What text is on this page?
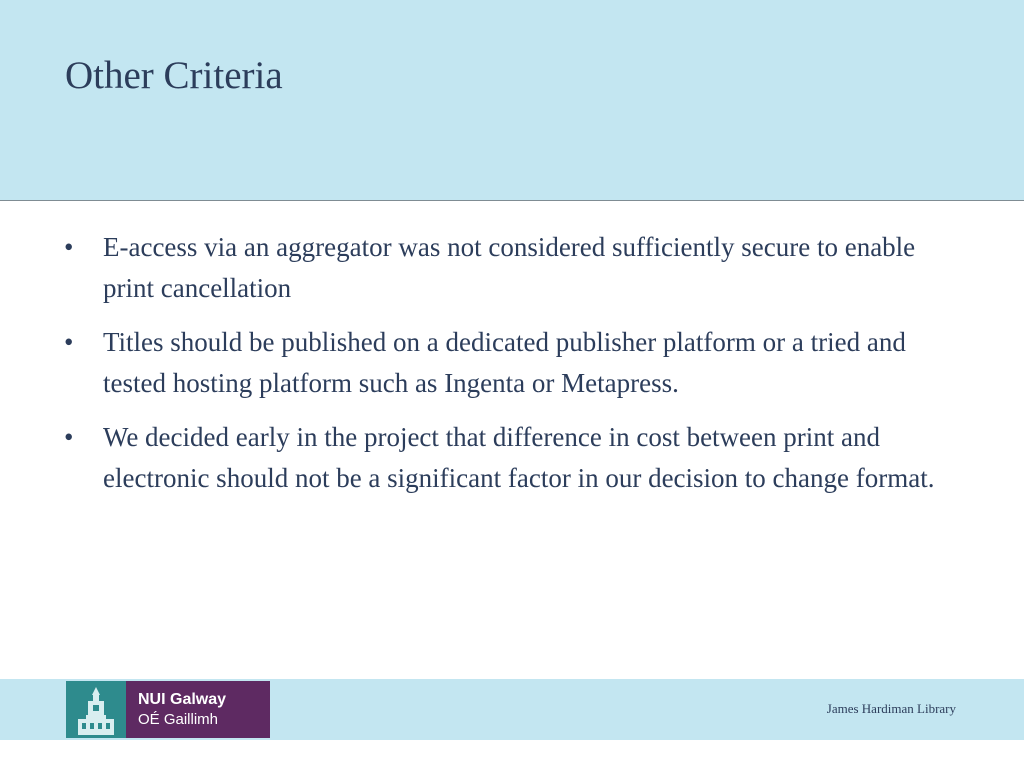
Other Criteria
•	E-access via an aggregator was not considered sufficiently secure to enable print cancellation
•	Titles should be published on a dedicated publisher platform or a tried and tested hosting platform such as Ingenta or Metapress.
•	We decided early in the project that difference in cost between print and electronic should not be a significant factor in our decision to change format.
NUI Galway
OÉ Gaillimh
James Hardiman Library
